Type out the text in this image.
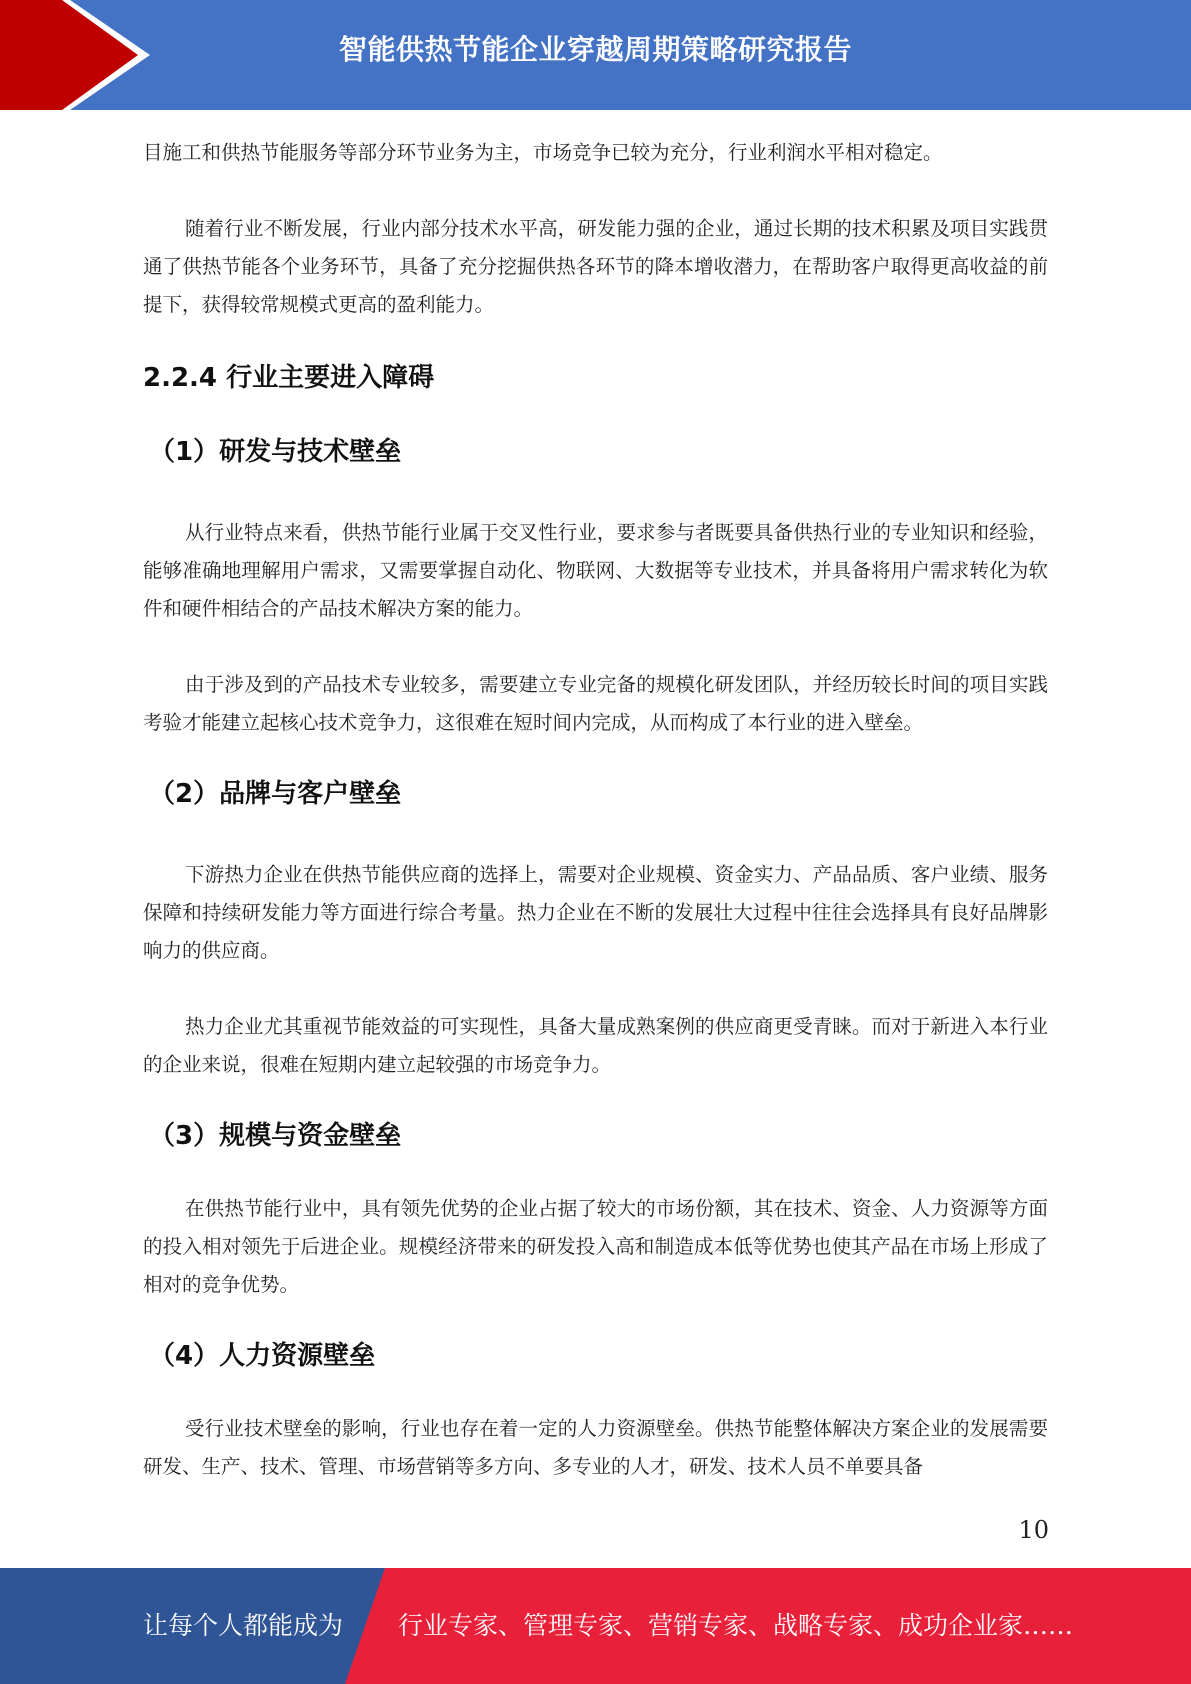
智能供热节能企业穿越周期策略研究报告

目施工和供热节能服务等部分环节业务为主，市场竞争已较为充分，行业利润水平相对稳定。

随着行业不断发展，行业内部分技术水平高，研发能力强的企业，通过长期的技术积累及项目实践贯通了供热节能各个业务环节，具备了充分挖掘供热各环节的降本增收潜力，在帮助客户取得更高收益的前提下，获得较常规模式更高的盈利能力。

2.2.4 行业主要进入障碍
（1）研发与技术壁垒

从行业特点来看，供热节能行业属于交叉性行业，要求参与者既要具备供热行业的专业知识和经验，能够准确地理解用户需求，又需要掌握自动化、物联网、大数据等专业技术，并具备将用户需求转化为软件和硬件相结合的产品技术解决方案的能力。

由于涉及到的产品技术专业较多，需要建立专业完备的规模化研发团队，并经历较长时间的项目实践考验才能建立起核心技术竞争力，这很难在短时间内完成，从而构成了本行业的进入壁垒。

（2）品牌与客户壁垒

下游热力企业在供热节能供应商的选择上，需要对企业规模、资金实力、产品品质、客户业绩、服务保障和持续研发能力等方面进行综合考量。热力企业在不断的发展壮大过程中往往会选择具有良好品牌影响力的供应商。

热力企业尤其重视节能效益的可实现性，具备大量成熟案例的供应商更受青睐。而对于新进入本行业的企业来说，很难在短期内建立起较强的市场竞争力。

（3）规模与资金壁垒

在供热节能行业中，具有领先优势的企业占据了较大的市场份额，其在技术、资金、人力资源等方面的投入相对领先于后进企业。规模经济带来的研发投入高和制造成本低等优势也使其产品在市场上形成了相对的竞争优势。

（4）人力资源壁垒

受行业技术壁垒的影响，行业也存在着一定的人力资源壁垒。供热节能整体解决方案企业的发展需要研发、生产、技术、管理、市场营销等多方向、多专业的人才，研发、技术人员不单要具备

10
让每个人都能成为 行业专家、管理专家、营销专家、战略专家、成功企业家……
